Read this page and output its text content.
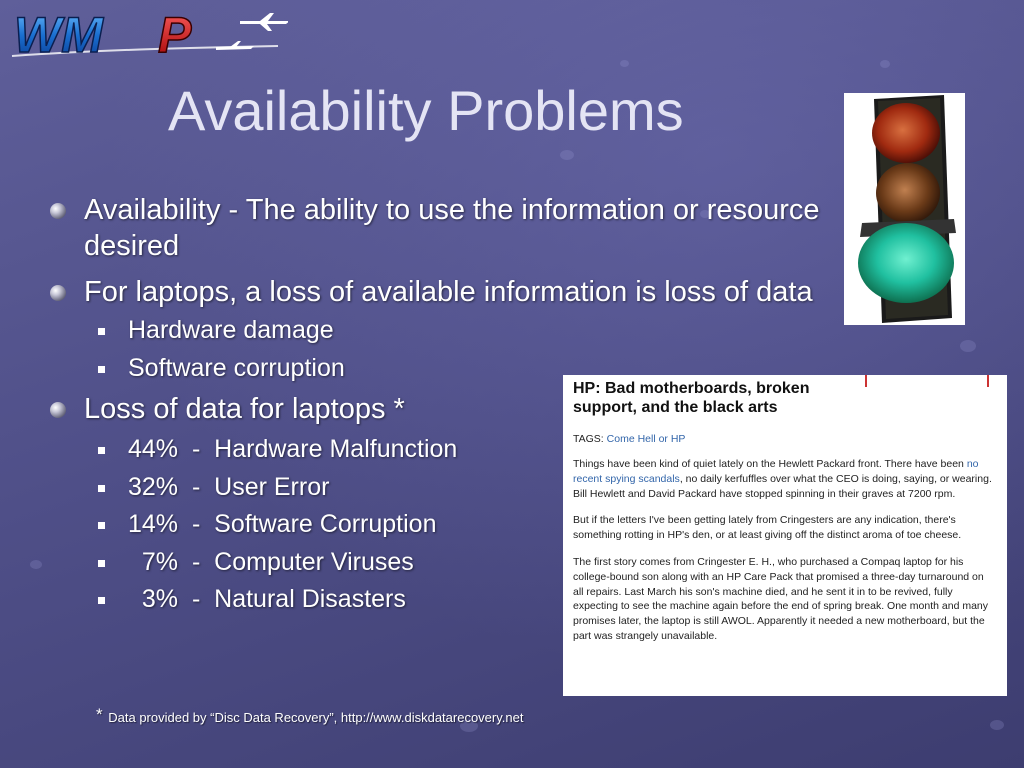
WM P
Availability Problems
Availability - The ability to use the information or resource desired
For laptops, a loss of available information is loss of data
Hardware damage
Software corruption
Loss of data for laptops *
44%  -  Hardware Malfunction
32%  -  User Error
14%  -  Software Corruption
7%  -  Computer Viruses
3%  -  Natural Disasters
* Data provided by “Disc Data Recovery”, http://www.diskdatarecovery.net
HP: Bad motherboards, broken support, and the black arts
TAGS: Come Hell or HP

Things have been kind of quiet lately on the Hewlett Packard front. There have been no recent spying scandals, no daily kerfuffles over what the CEO is doing, saying, or wearing. Bill Hewlett and David Packard have stopped spinning in their graves at 7200 rpm.

But if the letters I've been getting lately from Cringesters are any indication, there's something rotting in HP's den, or at least giving off the distinct aroma of toe cheese.

The first story comes from Cringester E. H., who purchased a Compaq laptop for his college-bound son along with an HP Care Pack that promised a three-day turnaround on all repairs. Last March his son's machine died, and he sent it in to be revived, fully expecting to see the machine again before the end of spring break. One month and many promises later, the laptop is still AWOL. Apparently it needed a new motherboard, but the part was strangely unavailable.
